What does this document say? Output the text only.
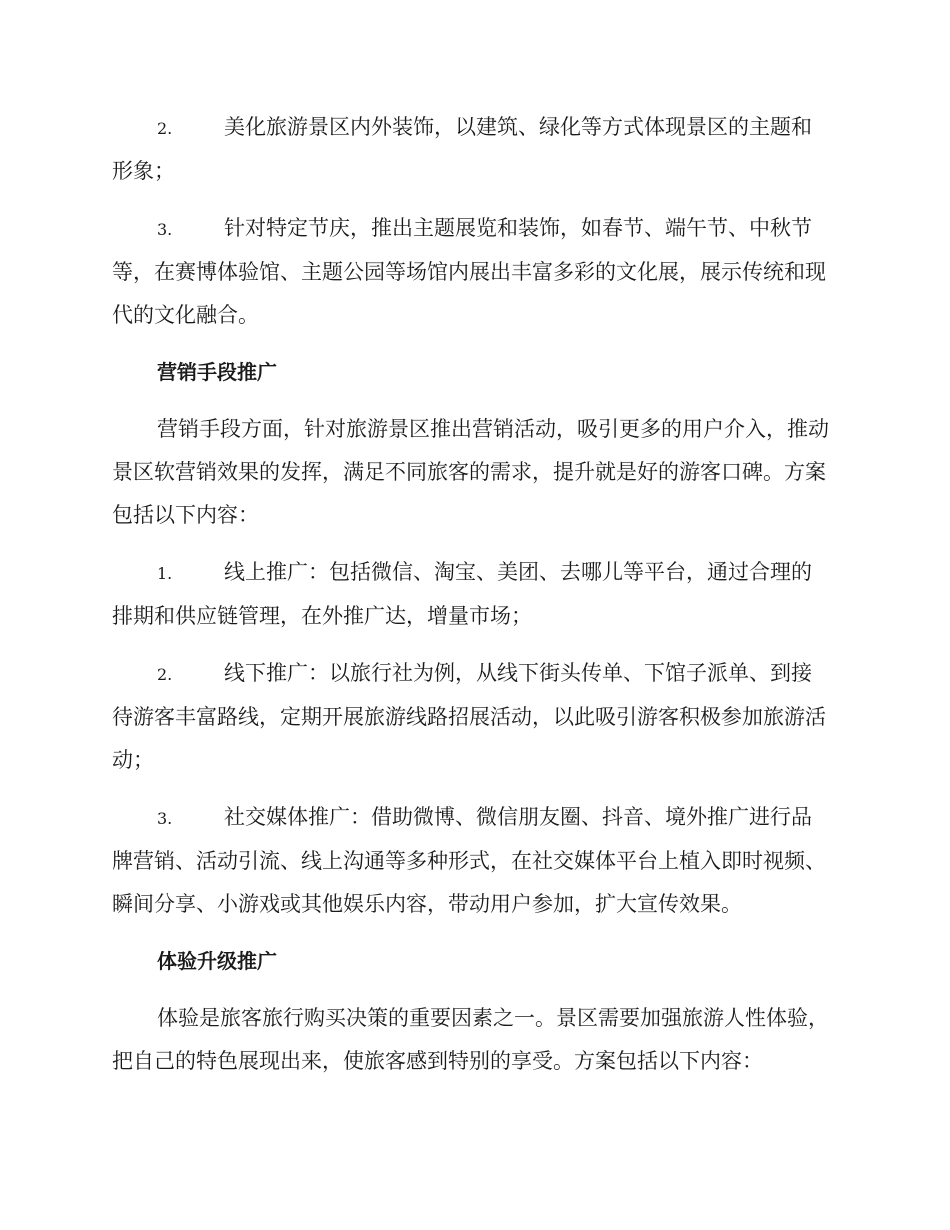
2. 美化旅游景区内外装饰，以建筑、绿化等方式体现景区的主题和形象；

3. 针对特定节庆，推出主题展览和装饰，如春节、端午节、中秋节等，在赛博体验馆、主题公园等场馆内展出丰富多彩的文化展，展示传统和现代的文化融合。

营销手段推广

营销手段方面，针对旅游景区推出营销活动，吸引更多的用户介入，推动景区软营销效果的发挥，满足不同旅客的需求，提升就是好的游客口碑。方案包括以下内容：

1. 线上推广：包括微信、淘宝、美团、去哪儿等平台，通过合理的排期和供应链管理，在外推广达，增量市场；

2. 线下推广：以旅行社为例，从线下街头传单、下馆子派单、到接待游客丰富路线，定期开展旅游线路招展活动，以此吸引游客积极参加旅游活动；

3. 社交媒体推广：借助微博、微信朋友圈、抖音、境外推广进行品牌营销、活动引流、线上沟通等多种形式，在社交媒体平台上植入即时视频、瞬间分享、小游戏或其他娱乐内容，带动用户参加，扩大宣传效果。

体验升级推广

体验是旅客旅行购买决策的重要因素之一。景区需要加强旅游人性体验，把自己的特色展现出来，使旅客感到特别的享受。方案包括以下内容：
